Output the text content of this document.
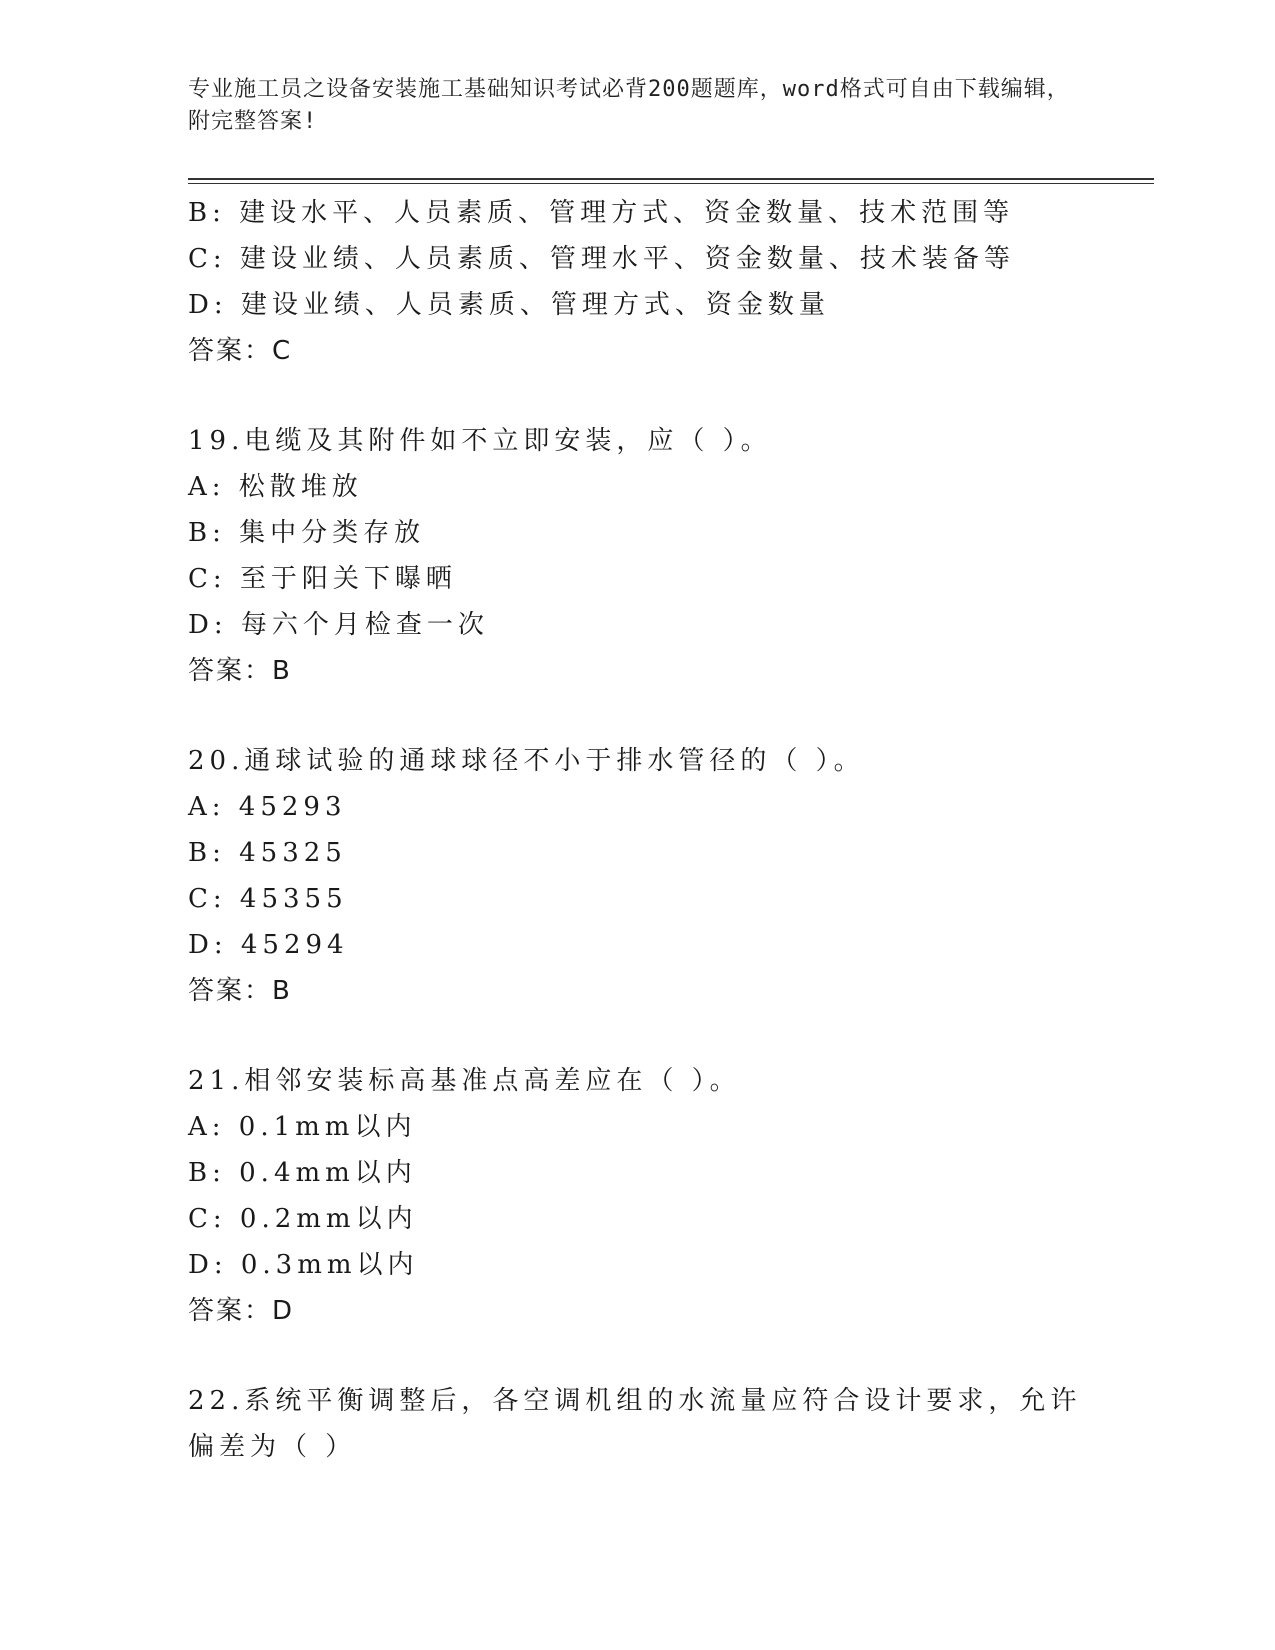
专业施工员之设备安装施工基础知识考试必背200题题库，word格式可自由下载编辑，附完整答案!
B: 建设水平、人员素质、管理方式、资金数量、技术范围等
C: 建设业绩、人员素质、管理水平、资金数量、技术装备等
D: 建设业绩、人员素质、管理方式、资金数量
答案：C
19.电缆及其附件如不立即安装，应（ ）。
A: 松散堆放
B: 集中分类存放
C: 至于阳关下曝晒
D: 每六个月检查一次
答案：B
20.通球试验的通球球径不小于排水管径的（ ）。
A: 45293
B: 45325
C: 45355
D: 45294
答案：B
21.相邻安装标高基准点高差应在（ ）。
A: 0.1mm以内
B: 0.4mm以内
C: 0.2mm以内
D: 0.3mm以内
答案：D
22.系统平衡调整后，各空调机组的水流量应符合设计要求，允许偏差为（ ）
